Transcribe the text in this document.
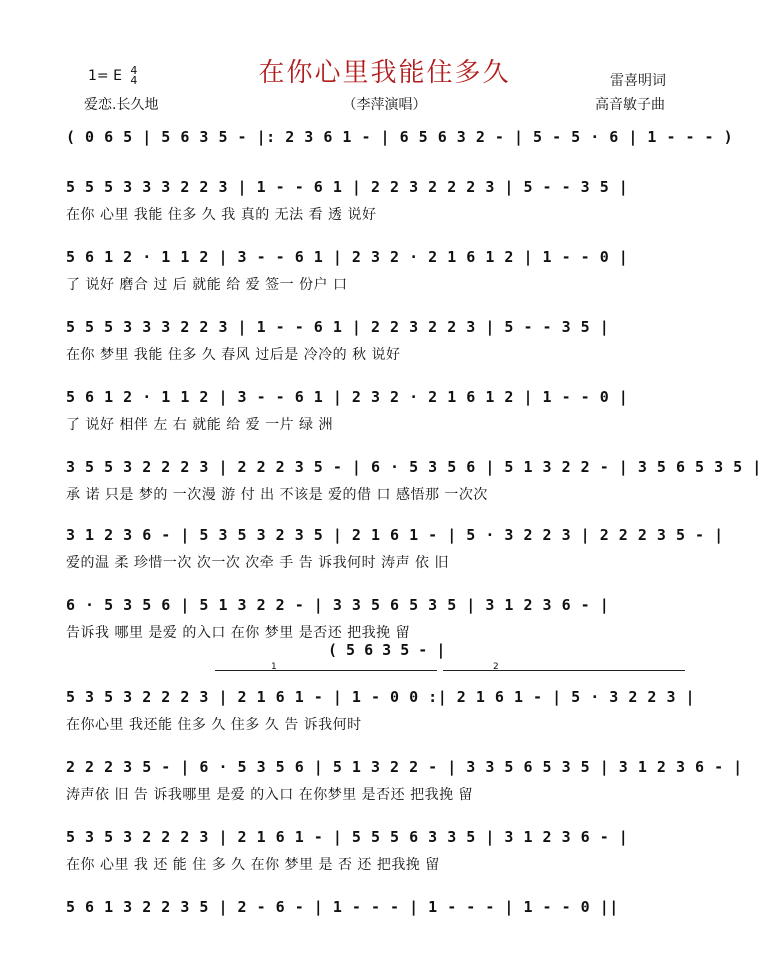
在你心里我能住多久
1= E 4
4
爱恋.长久地	（李萍演唱）
雷喜明词
高音敏子曲
( 0 6 5 | 5 6 3 5 - |: 2 3 6 1 - | 6 5 6 3 2 - | 5 - 5 · 6 | 1 - - - )
5 5 5 3 3 3 2 2 3 | 1 - - 6 1 | 2 2 3 2 2 2 3 | 5 - - 3 5 |
在你 心里 我能 住多 久 我 真的 无法 看 透 说好
5 6 1 2 · 1 1 2 | 3 - - 6 1 | 2 3 2 · 2 1 6 1 2 | 1 - - 0 |
了 说好 磨合 过 后 就能 给 爱 签一 份户 口
5 5 5 3 3 3 2 2 3 | 1 - - 6 1 | 2 2 3 2 2 3 | 5 - - 3 5 |
在你 梦里 我能 住多 久 春风 过后是 冷冷的 秋 说好
5 6 1 2 · 1 1 2 | 3 - - 6 1 | 2 3 2 · 2 1 6 1 2 | 1 - - 0 |
了 说好 相伴 左 右 就能 给 爱 一片 绿 洲
3 5 5 3 2 2 2 3 | 2 2 2 3 5 - | 6 · 5 3 5 6 | 5 1 3 2 2 - | 3 5 6 5 3 5 |
承 诺 只是 梦的 一次漫 游 付 出 不该是 爱的借 口 感悟那 一次次
3 1 2 3 6 - | 5 3 5 3 2 3 5 | 2 1 6 1 - | 5 · 3 2 2 3 | 2 2 2 3 5 - |
爱的温 柔 珍惜一次 次一次 次牵 手 告 诉我何时 涛声 依 旧
6 · 5 3 5 6 | 5 1 3 2 2 - | 3 3 5 6 5 3 5 | 3 1 2 3 6 - |
告诉我 哪里 是爱 的入口 在你 梦里 是否还 把我挽 留
( 5 6 3 5 - |
1	2
5 3 5 3 2 2 2 3 | 2 1 6 1 - | 1 - 0 0 :| 2 1 6 1 - | 5 · 3 2 2 3 |
在你心里 我还能 住多 久 住多 久 告 诉我何时
2 2 2 3 5 - | 6 · 5 3 5 6 | 5 1 3 2 2 - | 3 3 5 6 5 3 5 | 3 1 2 3 6 - |
涛声依 旧 告 诉我哪里 是爱 的入口 在你梦里 是否还 把我挽 留
5 3 5 3 2 2 2 3 | 2 1 6 1 - | 5 5 5 6 3 3 5 | 3 1 2 3 6 - |
在你 心里 我 还 能 住 多 久 在你 梦里 是 否 还 把我挽 留
5 6 1 3 2 2 3 5 | 2 - 6 - | 1 - - - | 1 - - - | 1 - - 0 ||
